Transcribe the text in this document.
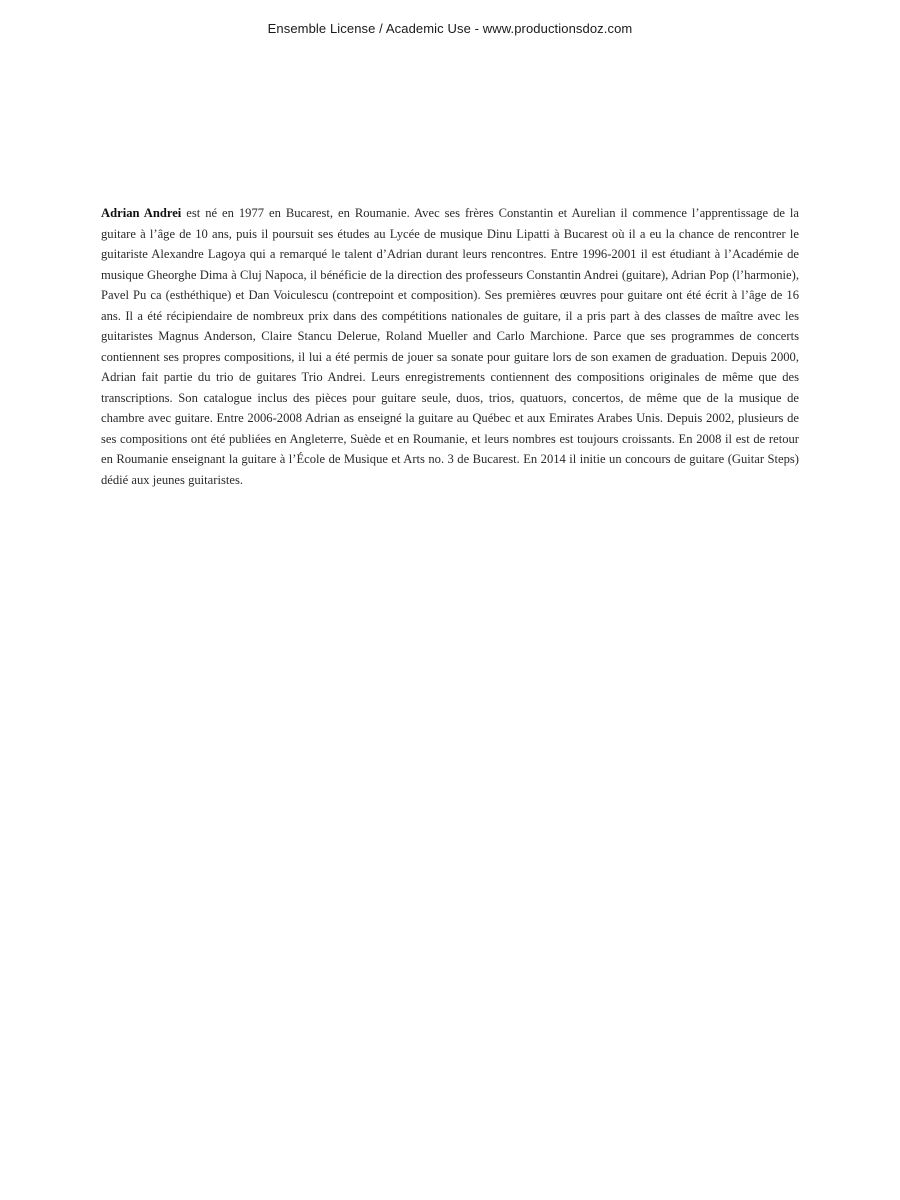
Ensemble License / Academic Use - www.productionsdoz.com

Adrian Andrei est né en 1977 en Bucarest, en Roumanie. Avec ses frères Constantin et Aurelian il commence l’apprentissage de la guitare à l’âge de 10 ans, puis il poursuit ses études au Lycée de musique Dinu Lipatti à Bucarest où il a eu la chance de rencontrer le guitariste Alexandre Lagoya qui a remarqué le talent d’Adrian durant leurs rencontres. Entre 1996-2001 il est étudiant à l’Académie de musique Gheorghe Dima à Cluj Napoca, il bénéficie de la direction des professeurs Constantin Andrei (guitare), Adrian Pop (l’harmonie), Pavel Pu ca (esthéthique) et Dan Voiculescu (contrepoint et composition). Ses premières œuvres pour guitare ont été écrit à l’âge de 16 ans. Il a été récipiendaire de nombreux prix dans des compétitions nationales de guitare, il a pris part à des classes de maître avec les guitaristes Magnus Anderson, Claire Stancu Delerue, Roland Mueller and Carlo Marchione. Parce que ses programmes de concerts contiennent ses propres compositions, il lui a été permis de jouer sa sonate pour guitare lors de son examen de graduation. Depuis 2000, Adrian fait partie du trio de guitares Trio Andrei. Leurs enregistrements contiennent des compositions originales de même que des transcriptions. Son catalogue inclus des pièces pour guitare seule, duos, trios, quatuors, concertos, de même que de la musique de chambre avec guitare. Entre 2006-2008 Adrian as enseigné la guitare au Québec et aux Emirates Arabes Unis. Depuis 2002, plusieurs de ses compositions ont été publiées en Angleterre, Suède et en Roumanie, et leurs nombres est toujours croissants. En 2008 il est de retour en Roumanie enseignant la guitare à l’École de Musique et Arts no. 3 de Bucarest. En 2014 il initie un concours de guitare (Guitar Steps) dédié aux jeunes guitaristes.
